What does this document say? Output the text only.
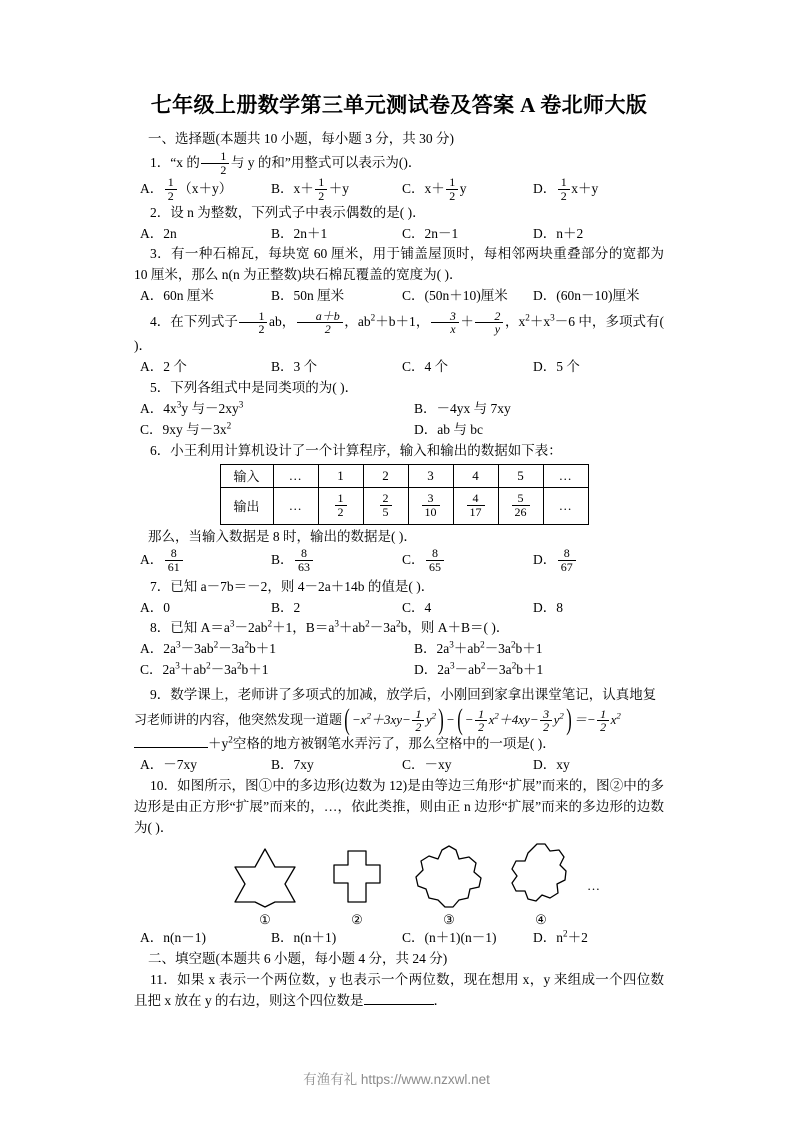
七年级上册数学第三单元测试卷及答案 A 卷北师大版
一、选择题(本题共 10 小题，每小题 3 分，共 30 分)
1．“x 的 $\frac{1}{2}$ 与 y 的和”用整式可以表示为()．
A． $\frac{1}{2} (x+y)$	B．$x+ \frac{1}{2} +y$	C．$x+ \frac{1}{2}$ y	D． $\frac{1}{2} x+y$
2．设 n 为整数，下列式子中表示偶数的是( )．
A．2n	B．2n＋1	C．2n－1	D．n＋2
3．有一种石棉瓦，每块宽 60 厘米，用于铺盖屋顶时，每相邻两块重叠部分的宽都为 10 厘米，那么 n(n 为正整数)块石棉瓦覆盖的宽度为( )．
A．60n 厘米	B．50n 厘米	C．(50n＋10)厘米	D．(60n－10)厘米
4．在下列式子 $\frac{1}{2}$ ab， $\frac{a+b}{2}$ ，$ab^2+b+1$， $\frac{3}{x} + \frac{2}{y}$ ，$x^2+x^3-6$ 中，多项式有( )．
A．2 个	B．3 个	C．4 个	D．5 个
5．下列各组式中是同类项的为( )．
A．$4x^3y$ 与$-2xy^3$	B．－4yx 与 7xy
C．9xy 与$-3x^2$	D．ab 与 bc
6．小王利用计算机设计了一个计算程序，输入和输出的数据如下表：
输入	…	1	2	3	4	5	…
输出	…	$\frac{1}{2}$	$\frac{2}{5}$	$\frac{3}{10}$	$\frac{4}{17}$	$\frac{5}{26}$	…
那么，当输入数据是 8 时，输出的数据是( )．
A． $\frac{8}{61}$	B． $\frac{8}{63}$	C． $\frac{8}{65}$	D． $\frac{8}{67}$
7．已知 a－7b＝－2，则 4－2a＋14b 的值是( )．
A．0	B．2	C．4	D．8
8．已知 $A=a^3-2ab^2+1$，$B=a^3+ab^2-3a^2b$，则 A＋B＝( )．
A．$2a^3-3ab^2-3a^2b+1$	B．$2a^3+ab^2-3a^2b+1$
C．$2a^3+ab^2-3a^2b+1$	D．$2a^3-ab^2-3a^2b+1$
9．数学课上，老师讲了多项式的加减，放学后，小刚回到家拿出课堂笔记，认真地复
习老师讲的内容，他突然发现一道题( $-x^2+3xy- \frac{1}{2} y^2$) −( − $\frac{1}{2} x^2+4xy- \frac{3}{2} y^2) =- \frac{1}{2} x^2$
$+y^2$空格的地方被钢笔水弄污了，那么空格中的一项是( )．
A．－7xy	B．7xy	C．－xy	D．xy
10．如图所示，图①中的多边形(边数为 12)是由等边三角形“扩展”而来的，图②中的多边形是由正方形“扩展”而来的，…，依此类推，则由正 n 边形“扩展”而来的多边形的边数为( )．
①	②	③	④
…
A．n(n－1)	B．n(n＋1)	C．(n＋1)(n－1)	D．$n^2+2$
二、填空题(本题共 6 小题，每小题 4 分，共 24 分)
11．如果 x 表示一个两位数，y 也表示一个两位数，现在想用 x，y 来组成一个四位数且把 x 放在 y 的右边，则这个四位数是	．
有渔有礼 https://www.nzxwl.net
